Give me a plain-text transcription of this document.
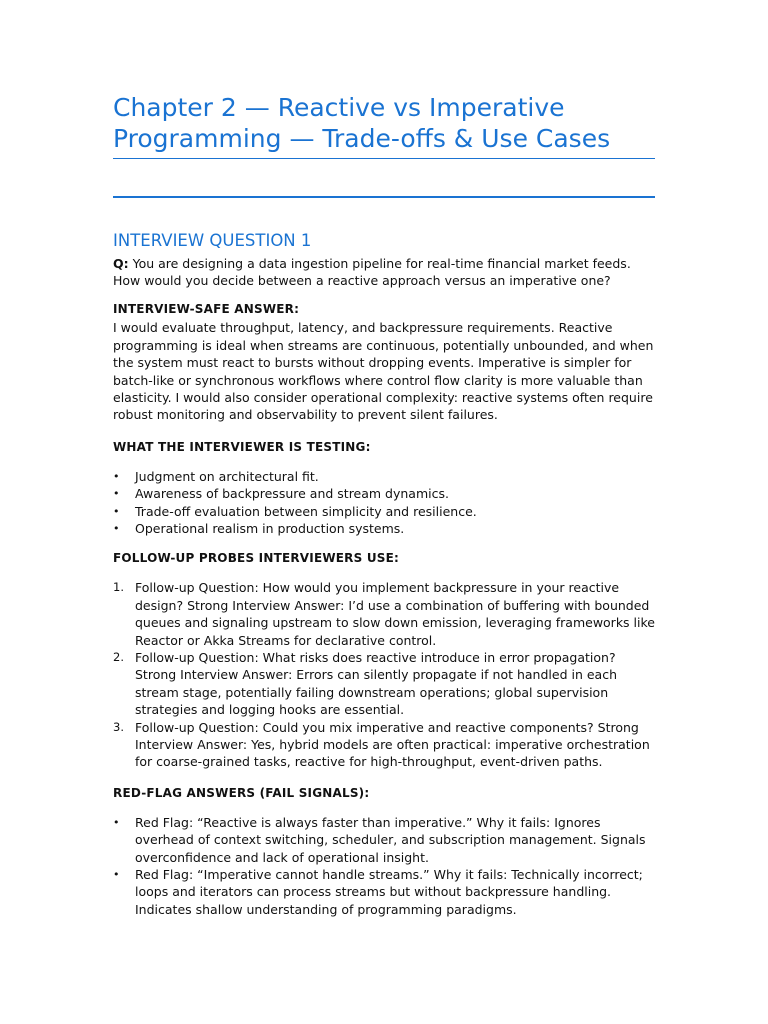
Chapter 2 — Reactive vs Imperative Programming — Trade-offs & Use Cases
INTERVIEW QUESTION 1

Q: You are designing a data ingestion pipeline for real-time financial market feeds. How would you decide between a reactive approach versus an imperative one?

INTERVIEW-SAFE ANSWER:

I would evaluate throughput, latency, and backpressure requirements. Reactive programming is ideal when streams are continuous, potentially unbounded, and when the system must react to bursts without dropping events. Imperative is simpler for batch-like or synchronous workflows where control flow clarity is more valuable than elasticity. I would also consider operational complexity: reactive systems often require robust monitoring and observability to prevent silent failures.

WHAT THE INTERVIEWER IS TESTING:
• Judgment on architectural fit.
• Awareness of backpressure and stream dynamics.
• Trade-off evaluation between simplicity and resilience.
• Operational realism in production systems.
FOLLOW-UP PROBES INTERVIEWERS USE:
1. Follow-up Question: How would you implement backpressure in your reactive design? Strong Interview Answer: I’d use a combination of buffering with bounded queues and signaling upstream to slow down emission, leveraging frameworks like Reactor or Akka Streams for declarative control.
2. Follow-up Question: What risks does reactive introduce in error propagation? Strong Interview Answer: Errors can silently propagate if not handled in each stream stage, potentially failing downstream operations; global supervision strategies and logging hooks are essential.
3. Follow-up Question: Could you mix imperative and reactive components? Strong Interview Answer: Yes, hybrid models are often practical: imperative orchestration for coarse-grained tasks, reactive for high-throughput, event-driven paths.
RED-FLAG ANSWERS (FAIL SIGNALS):
• Red Flag: “Reactive is always faster than imperative.” Why it fails: Ignores overhead of context switching, scheduler, and subscription management. Signals overconfidence and lack of operational insight.
• Red Flag: “Imperative cannot handle streams.” Why it fails: Technically incorrect; loops and iterators can process streams but without backpressure handling. Indicates shallow understanding of programming paradigms.
